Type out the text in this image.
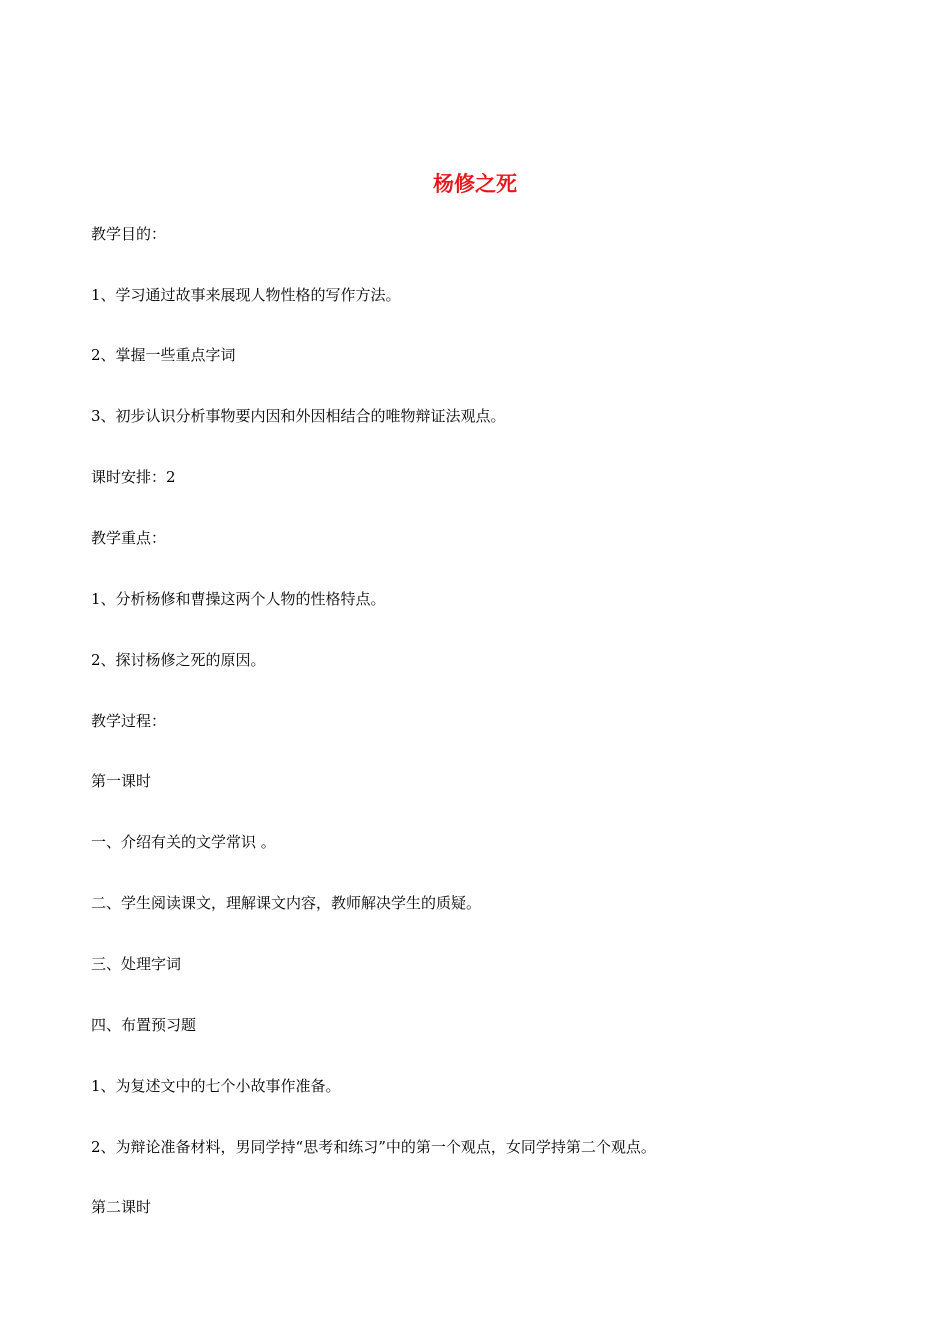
杨修之死
教学目的：
1、学习通过故事来展现人物性格的写作方法。
2、掌握一些重点字词
3、初步认识分析事物要内因和外因相结合的唯物辩证法观点。
课时安排：2
教学重点：
1、分析杨修和曹操这两个人物的性格特点。
2、探讨杨修之死的原因。
教学过程：
第一课时
一、介绍有关的文学常识 。
二、学生阅读课文，理解课文内容，教师解决学生的质疑。
三、处理字词
四、布置预习题
1、为复述文中的七个小故事作准备。
2、为辩论准备材料，男同学持“思考和练习”中的第一个观点，女同学持第二个观点。
第二课时
